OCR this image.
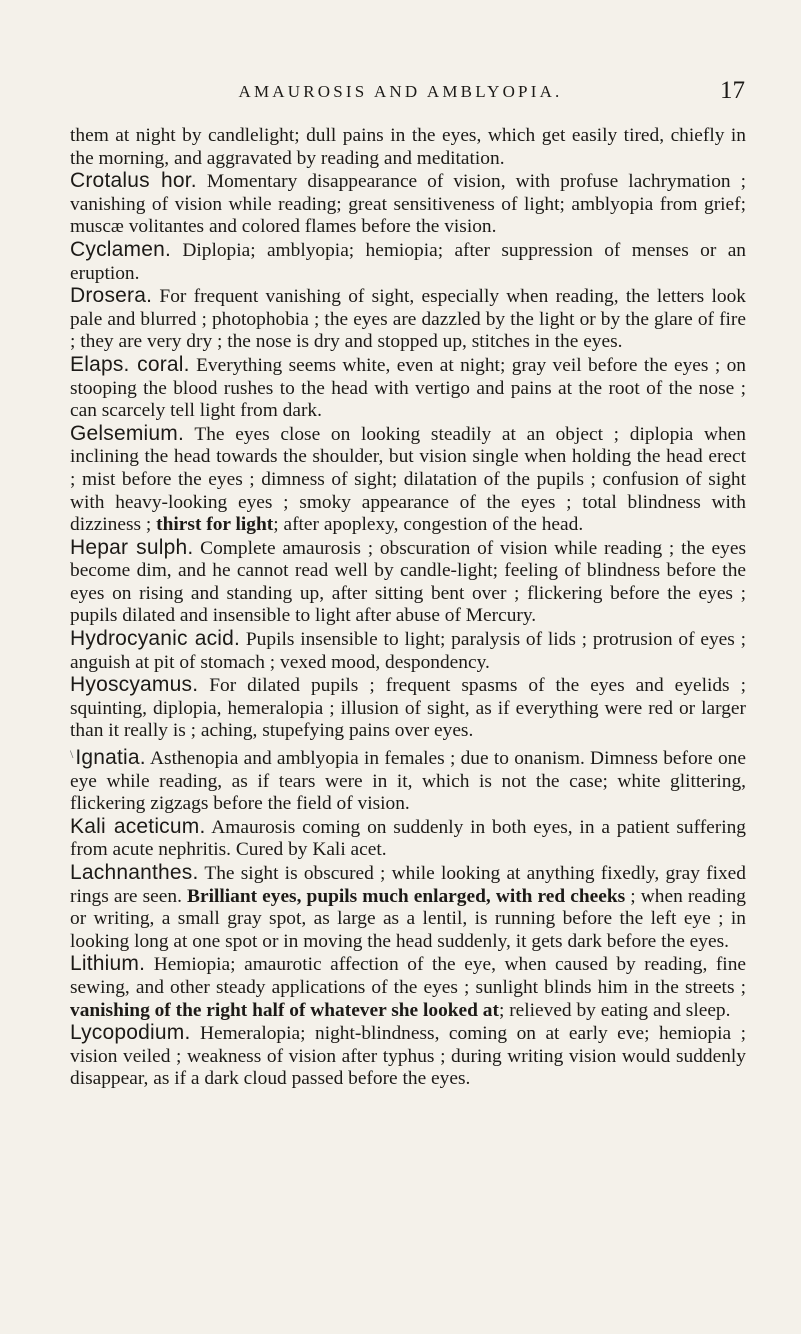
AMAUROSIS AND AMBLYOPIA.	17

them at night by candlelight; dull pains in the eyes, which get easily tired, chiefly in the morning, and aggravated by reading and meditation.

Crotalus hor. Momentary disappearance of vision, with profuse lachrymation ; vanishing of vision while reading; great sensitiveness of light; amblyopia from grief; muscæ volitantes and colored flames before the vision.

Cyclamen. Diplopia; amblyopia; hemiopia; after suppression of menses or an eruption.

Drosera. For frequent vanishing of sight, especially when reading, the letters look pale and blurred ; photophobia ; the eyes are dazzled by the light or by the glare of fire ; they are very dry ; the nose is dry and stopped up, stitches in the eyes.

Elaps. coral. Everything seems white, even at night; gray veil before the eyes ; on stooping the blood rushes to the head with vertigo and pains at the root of the nose ; can scarcely tell light from dark.

Gelsemium. The eyes close on looking steadily at an object ; diplopia when inclining the head towards the shoulder, but vision single when holding the head erect ; mist before the eyes ; dimness of sight; dilatation of the pupils ; confusion of sight with heavy-looking eyes ; smoky appearance of the eyes ; total blindness with dizziness ; thirst for light; after apoplexy, congestion of the head.

Hepar sulph. Complete amaurosis ; obscuration of vision while reading ; the eyes become dim, and he cannot read well by candle-light; feeling of blindness before the eyes on rising and standing up, after sitting bent over ; flickering before the eyes ; pupils dilated and insensible to light after abuse of Mercury.

Hydrocyanic acid. Pupils insensible to light; paralysis of lids ; protrusion of eyes ; anguish at pit of stomach ; vexed mood, despondency.

Hyoscyamus. For dilated pupils ; frequent spasms of the eyes and eyelids ; squinting, diplopia, hemeralopia ; illusion of sight, as if everything were red or larger than it really is ; aching, stupefying pains over eyes.

\Ignatia. Asthenopia and amblyopia in females ; due to onanism. Dimness before one eye while reading, as if tears were in it, which is not the case; white glittering, flickering zigzags before the field of vision.

Kali aceticum. Amaurosis coming on suddenly in both eyes, in a patient suffering from acute nephritis. Cured by Kali acet.

Lachnanthes. The sight is obscured ; while looking at anything fixedly, gray fixed rings are seen. Brilliant eyes, pupils much enlarged, with red cheeks ; when reading or writing, a small gray spot, as large as a lentil, is running before the left eye ; in looking long at one spot or in moving the head suddenly, it gets dark before the eyes.

Lithium. Hemiopia; amaurotic affection of the eye, when caused by reading, fine sewing, and other steady applications of the eyes ; sunlight blinds him in the streets ; vanishing of the right half of whatever she looked at; relieved by eating and sleep.

Lycopodium. Hemeralopia; night-blindness, coming on at early eve; hemiopia ; vision veiled ; weakness of vision after typhus ; during writing vision would suddenly disappear, as if a dark cloud passed before the eyes.
